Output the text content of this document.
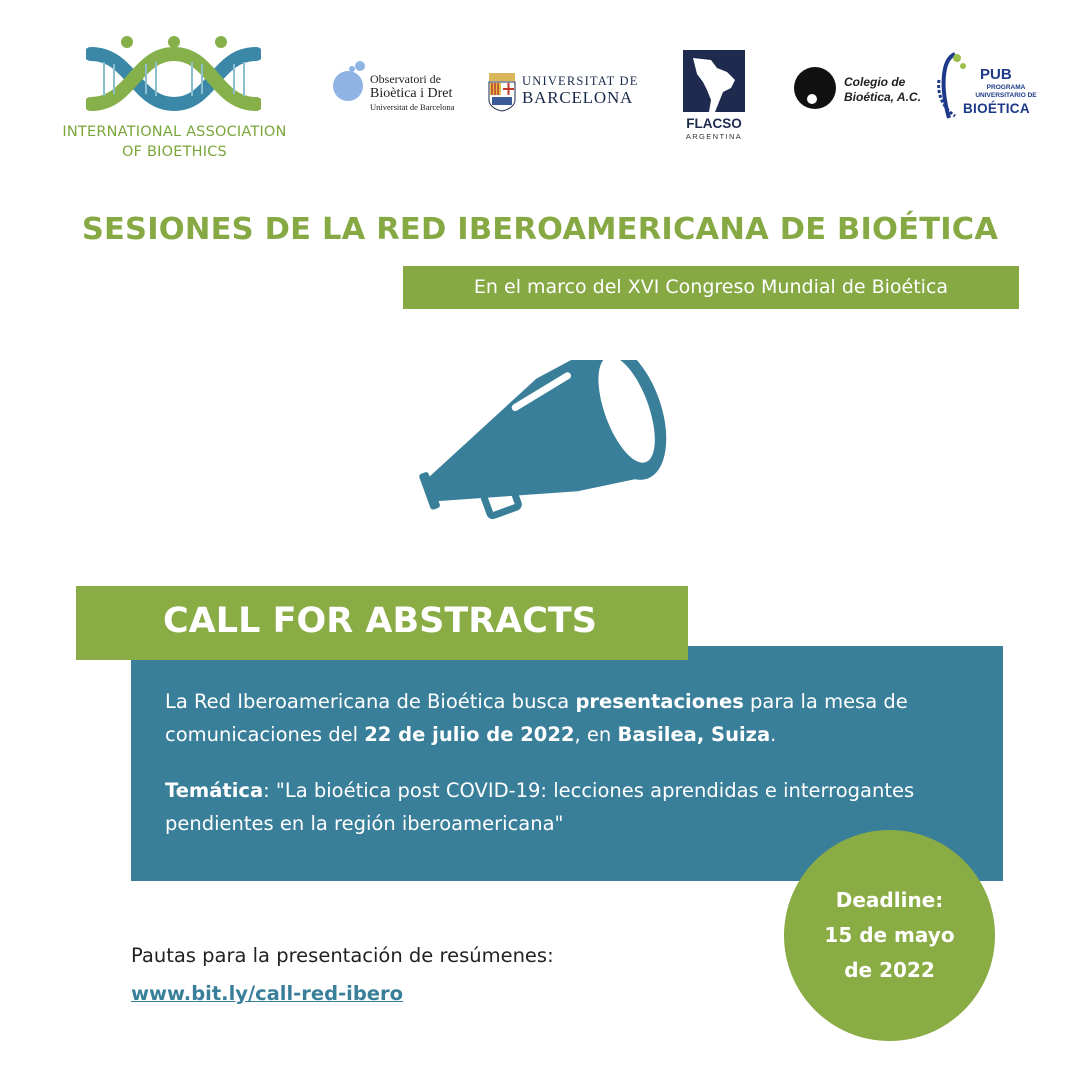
INTERNATIONAL ASSOCIATION
OF BIOETHICS
Observatori de
Bioètica i Dret
Universitat de Barcelona
UNIVERSITAT DE
BARCELONA
FLACSO
ARGENTINA
Colegio de
Bioética, A.C.
PUB
PROGRAMA
UNIVERSITARIO DE
BIOÉTICA
SESIONES DE LA RED IBEROAMERICANA DE BIOÉTICA
En el marco del XVI Congreso Mundial de Bioética
CALL FOR ABSTRACTS

La Red Iberoamericana de Bioética busca presentaciones para la mesa de comunicaciones del 22 de julio de 2022, en Basilea, Suiza.

Temática: "La bioética post COVID-19: lecciones aprendidas e interrogantes pendientes en la región iberoamericana"

Deadline:
15 de mayo
de 2022
Pautas para la presentación de resúmenes:
www.bit.ly/call-red-ibero
